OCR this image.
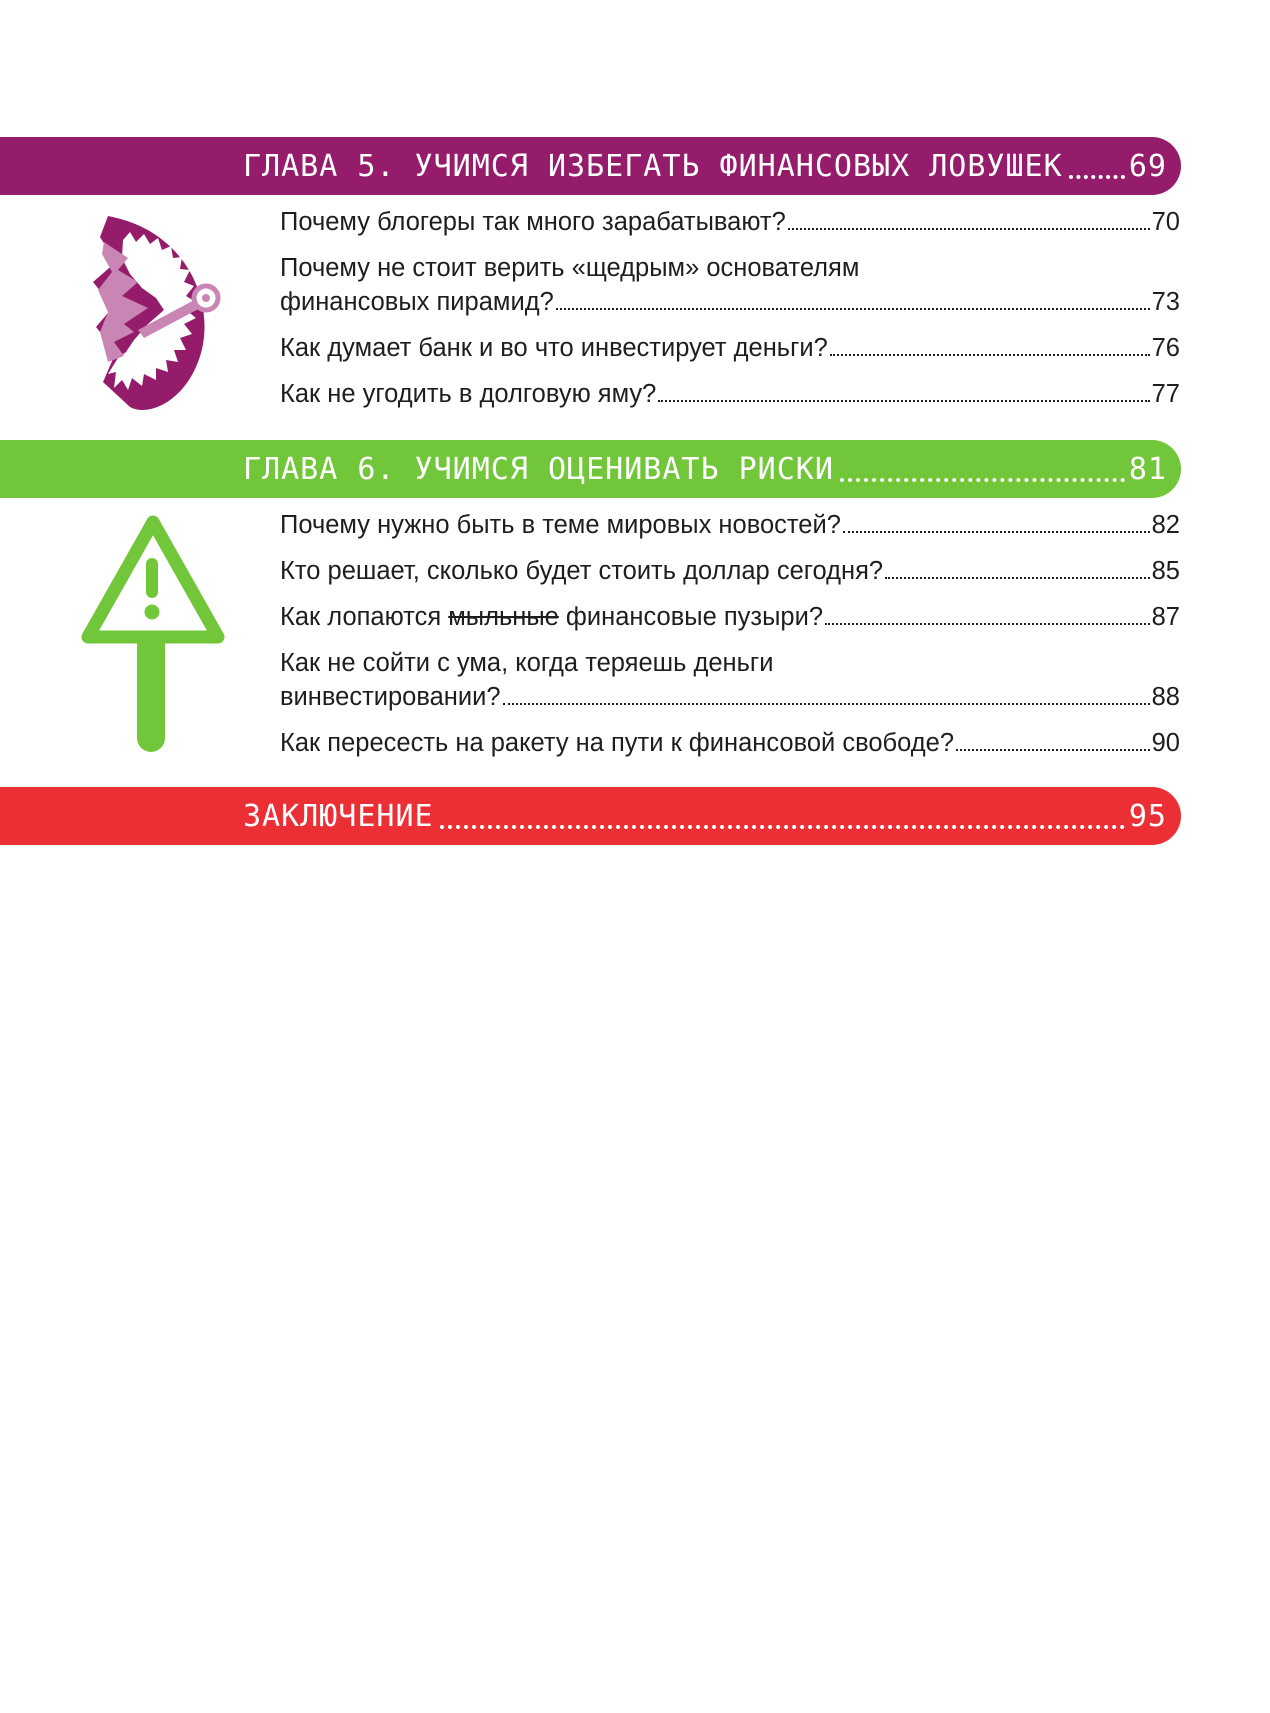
ГЛАВА 5. УЧИМСЯ ИЗБЕГАТЬ ФИНАНСОВЫХ ЛОВУШЕК 69
Почему блогеры так много зарабатывают?	70
Почему не стоит верить «щедрым» основателям
финансовых пирамид?	73
Как думает банк и во что инвестирует деньги?	76
Как не угодить в долговую яму?	77
ГЛАВА 6. УЧИМСЯ ОЦЕНИВАТЬ РИСКИ	81
Почему нужно быть в теме мировых новостей?	82
Кто решает, сколько будет стоить доллар сегодня?	85
Как лопаются мыльные финансовые пузыри?	87
Как не сойти с ума, когда теряешь деньги
винвестировании?	88
Как пересесть на ракету на пути к финансовой свободе?	90
ЗАКЛЮЧЕНИЕ	95
